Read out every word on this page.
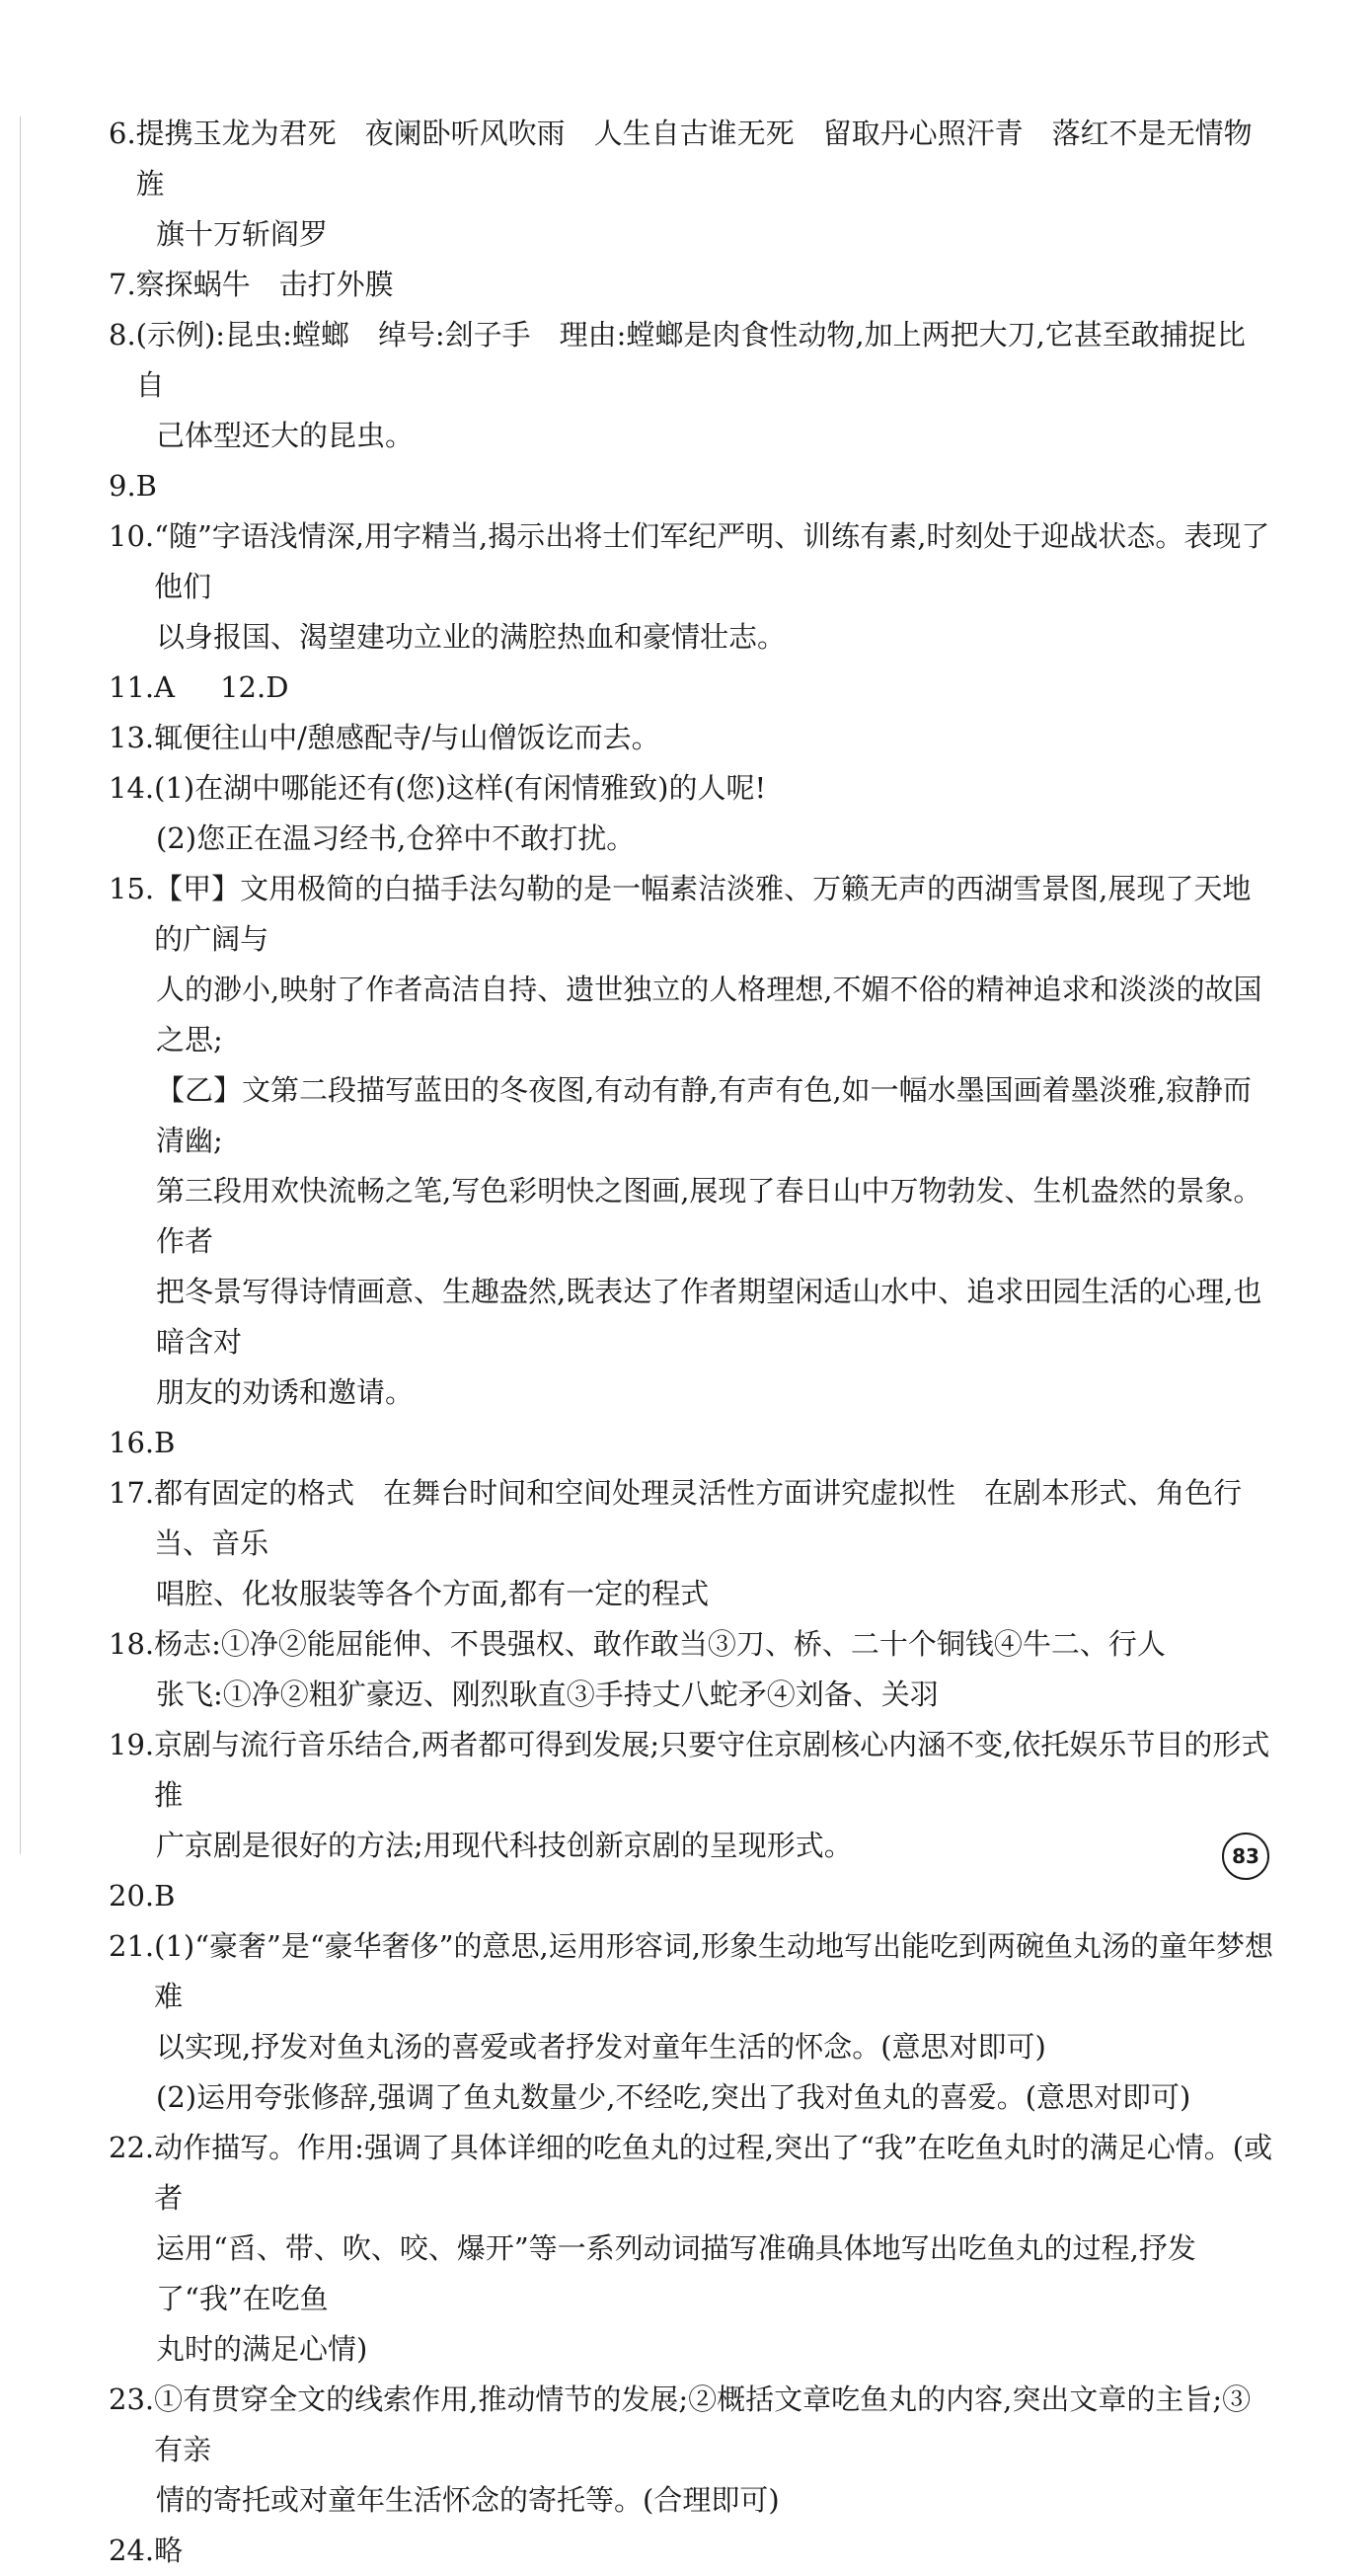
6. 提携玉龙为君死　夜阑卧听风吹雨　人生自古谁无死　留取丹心照汗青　落红不是无情物　旌
旗十万斩阎罗
7. 察探蜗牛　击打外膜
8. (示例):昆虫:螳螂　绰号:刽子手　理由:螳螂是肉食性动物,加上两把大刀,它甚至敢捕捉比自
己体型还大的昆虫。
9. B
10. “随”字语浅情深,用字精当,揭示出将士们军纪严明、训练有素,时刻处于迎战状态。表现了他们
以身报国、渴望建功立业的满腔热血和豪情壮志。
11. A 12. D
13. 辄便往山中/憩感配寺/与山僧饭讫而去。
14. (1)在湖中哪能还有(您)这样(有闲情雅致)的人呢!
(2)您正在温习经书,仓猝中不敢打扰。
15. 【甲】文用极简的白描手法勾勒的是一幅素洁淡雅、万籁无声的西湖雪景图,展现了天地的广阔与
人的渺小,映射了作者高洁自持、遗世独立的人格理想,不媚不俗的精神追求和淡淡的故国之思;
【乙】文第二段描写蓝田的冬夜图,有动有静,有声有色,如一幅水墨国画着墨淡雅,寂静而清幽;
第三段用欢快流畅之笔,写色彩明快之图画,展现了春日山中万物勃发、生机盎然的景象。作者
把冬景写得诗情画意、生趣盎然,既表达了作者期望闲适山水中、追求田园生活的心理,也暗含对
朋友的劝诱和邀请。
16. B
17. 都有固定的格式　在舞台时间和空间处理灵活性方面讲究虚拟性　在剧本形式、角色行当、音乐
唱腔、化妆服装等各个方面,都有一定的程式
18. 杨志:①净②能屈能伸、不畏强权、敢作敢当③刀、桥、二十个铜钱④牛二、行人
张飞:①净②粗犷豪迈、刚烈耿直③手持丈八蛇矛④刘备、关羽
19. 京剧与流行音乐结合,两者都可得到发展;只要守住京剧核心内涵不变,依托娱乐节目的形式推
广京剧是很好的方法;用现代科技创新京剧的呈现形式。
20. B
21. (1)“豪奢”是“豪华奢侈”的意思,运用形容词,形象生动地写出能吃到两碗鱼丸汤的童年梦想难
以实现,抒发对鱼丸汤的喜爱或者抒发对童年生活的怀念。(意思对即可)
(2)运用夸张修辞,强调了鱼丸数量少,不经吃,突出了我对鱼丸的喜爱。(意思对即可)
22. 动作描写。作用:强调了具体详细的吃鱼丸的过程,突出了“我”在吃鱼丸时的满足心情。(或者
运用“舀、带、吹、咬、爆开”等一系列动词描写准确具体地写出吃鱼丸的过程,抒发了“我”在吃鱼
丸时的满足心情)
23. ①有贯穿全文的线索作用,推动情节的发展;②概括文章吃鱼丸的内容,突出文章的主旨;③有亲
情的寄托或对童年生活怀念的寄托等。(合理即可)
24. 略
83
